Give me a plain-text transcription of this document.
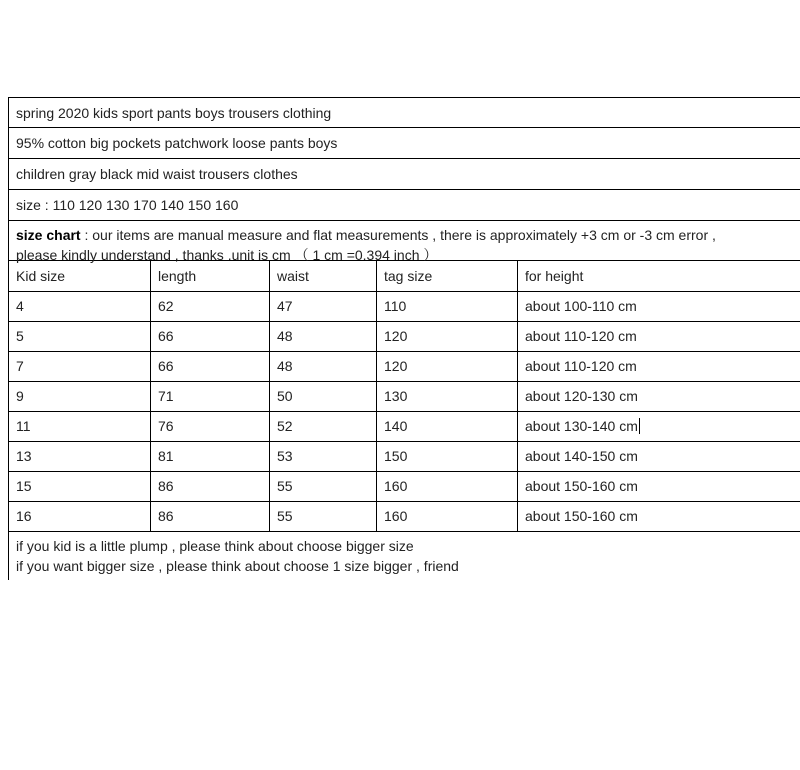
spring 2020 kids sport pants boys trousers clothing
95% cotton big pockets patchwork loose pants boys
children gray black mid waist trousers clothes
size : 110 120 130 170 140 150 160
size chart : our items are manual measure and flat measurements , there is approximately +3 cm or -3 cm error ,
please kindly understand , thanks .unit is cm （ 1 cm =0.394 inch ）
Kid size	length	waist	tag size	for height
4	62	47	110	about 100-110 cm
5	66	48	120	about 110-120 cm
7	66	48	120	about 110-120 cm
9	71	50	130	about 120-130 cm
11	76	52	140	about 130-140 cm
13	81	53	150	about 140-150 cm
15	86	55	160	about 150-160 cm
16	86	55	160	about 150-160 cm
if you kid is a little plump , please think about choose bigger size
if you want bigger size , please think about choose 1 size bigger , friend
